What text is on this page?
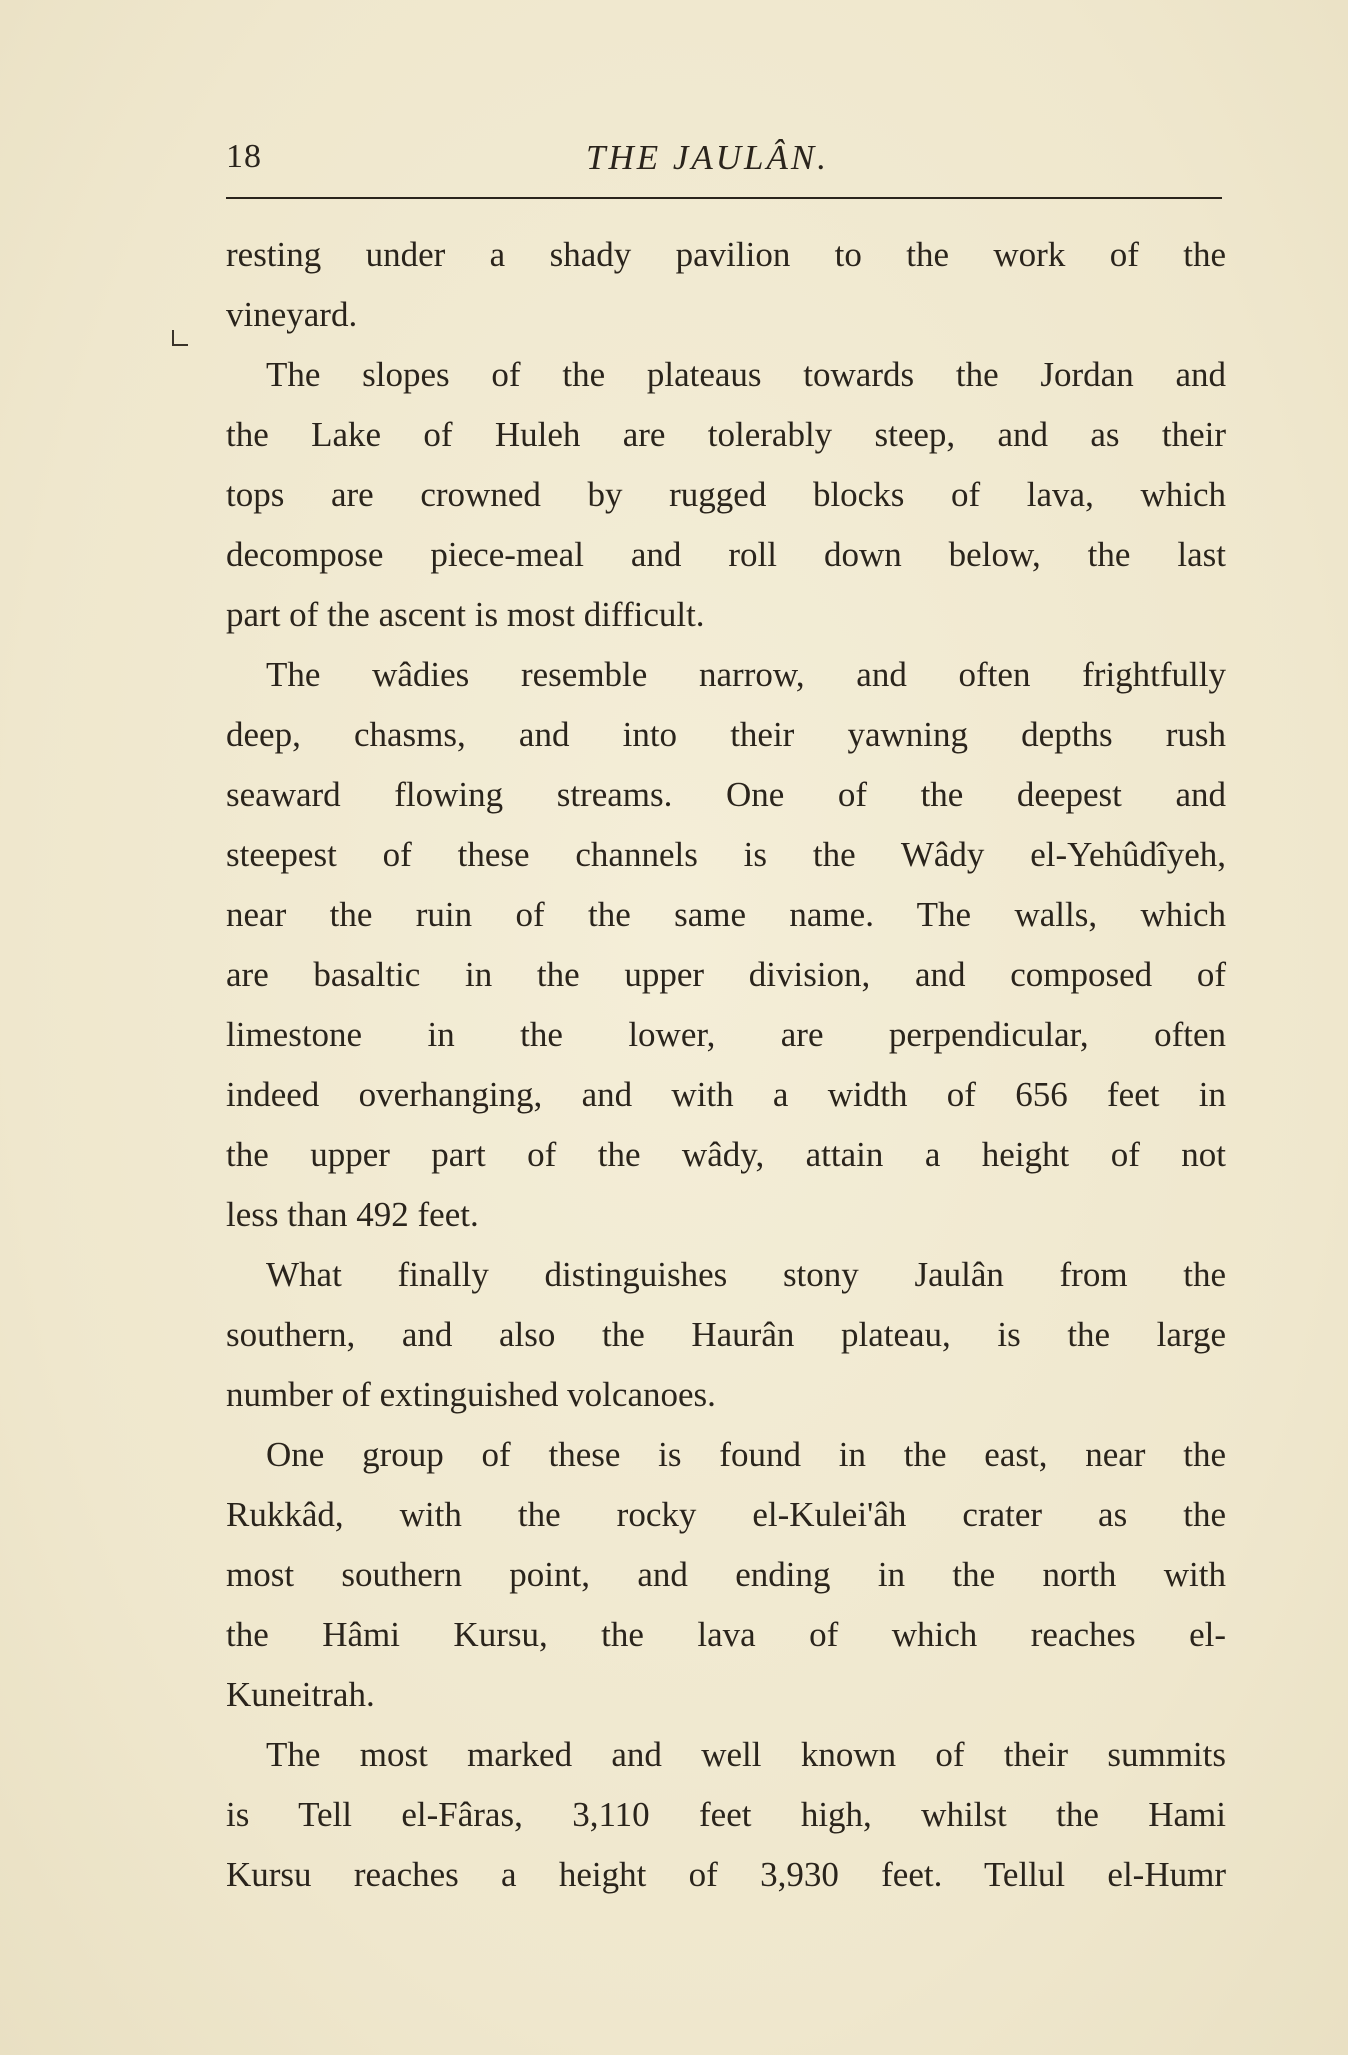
18	THE JAULÂN.
resting under a shady pavilion to the work of the
vineyard.
The slopes of the plateaus towards the Jordan and
the Lake of Huleh are tolerably steep, and as their
tops are crowned by rugged blocks of lava, which
decompose piece-meal and roll down below, the last
part of the ascent is most difficult.
The wâdies resemble narrow, and often frightfully
deep, chasms, and into their yawning depths rush
seaward flowing streams. One of the deepest and
steepest of these channels is the Wâdy el-Yehûdîyeh,
near the ruin of the same name. The walls, which
are basaltic in the upper division, and composed of
limestone in the lower, are perpendicular, often
indeed overhanging, and with a width of 656 feet in
the upper part of the wâdy, attain a height of not
less than 492 feet.
What finally distinguishes stony Jaulân from the
southern, and also the Haurân plateau, is the large
number of extinguished volcanoes.
One group of these is found in the east, near the
Rukkâd, with the rocky el-Kulei'âh crater as the
most southern point, and ending in the north with
the Hâmi Kursu, the lava of which reaches el-
Kuneitrah.
The most marked and well known of their summits
is Tell el-Fâras, 3,110 feet high, whilst the Hami
Kursu reaches a height of 3,930 feet. Tellul el-Humr
